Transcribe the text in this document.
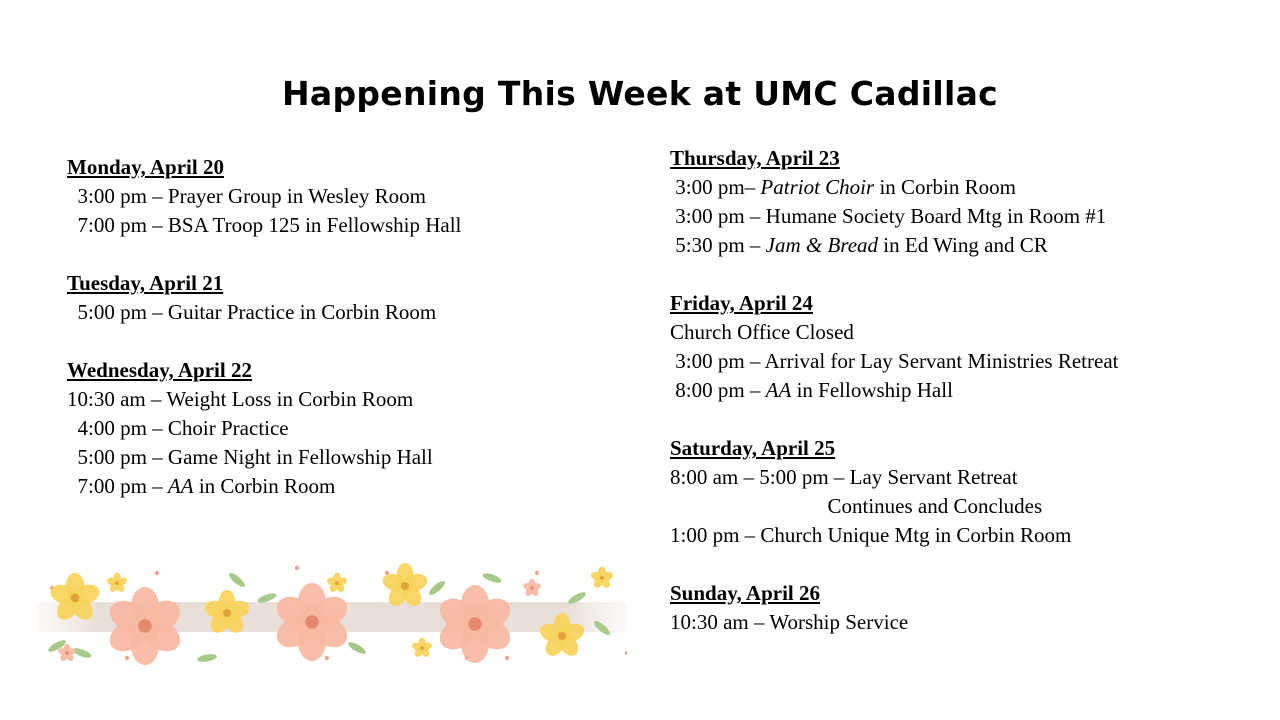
Happening This Week at UMC Cadillac
Monday, April 20
3:00 pm – Prayer Group in Wesley Room
7:00 pm – BSA Troop 125 in Fellowship Hall
Tuesday, April 21
5:00 pm – Guitar Practice in Corbin Room
Wednesday, April 22
10:30 am – Weight Loss in Corbin Room
4:00 pm – Choir Practice
5:00 pm – Game Night in Fellowship Hall
7:00 pm – AA in Corbin Room
Thursday, April 23
3:00 pm– Patriot Choir in Corbin Room
3:00 pm – Humane Society Board Mtg in Room #1
5:30 pm – Jam & Bread in Ed Wing and CR
Friday, April 24
Church Office Closed
3:00 pm – Arrival for Lay Servant Ministries Retreat
8:00 pm – AA in Fellowship Hall
Saturday, April 25
8:00 am – 5:00 pm – Lay Servant Retreat
Continues and Concludes
1:00 pm – Church Unique Mtg in Corbin Room
Sunday, April 26
10:30 am – Worship Service
